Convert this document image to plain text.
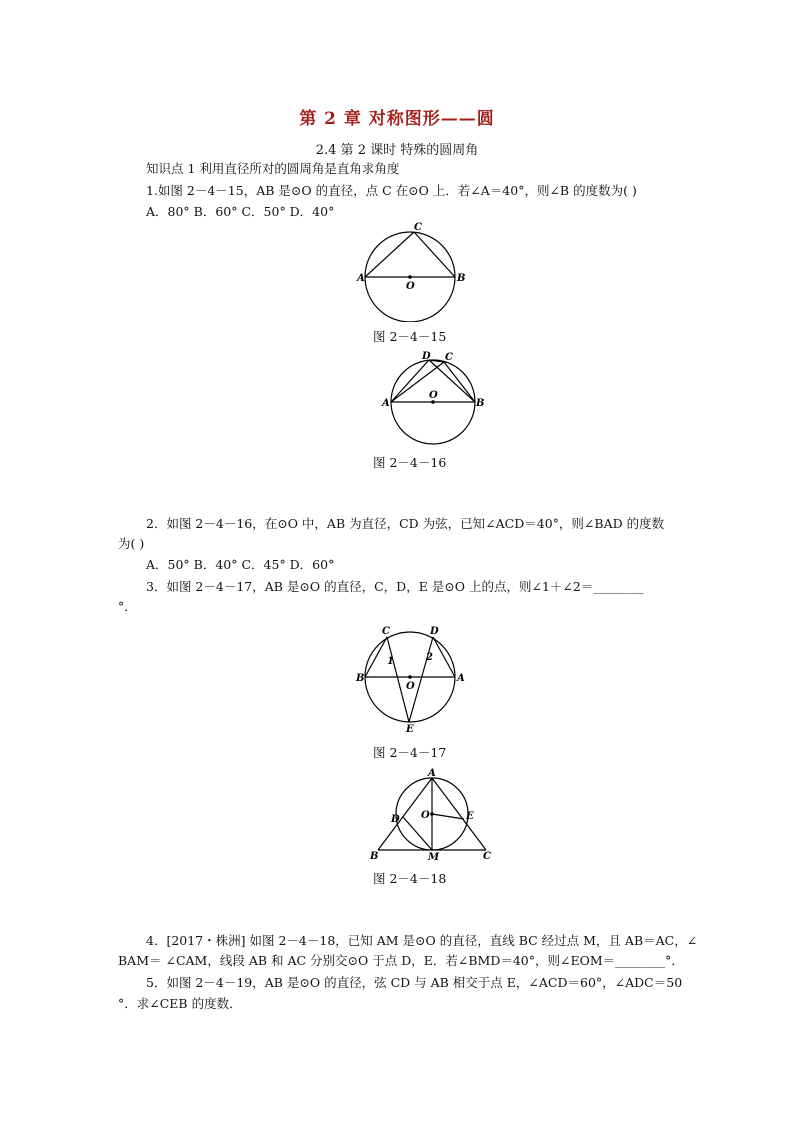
第 2 章 对称图形——圆
2.4 第 2 课时 特殊的圆周角
知识点 1 利用直径所对的圆周角是直角求角度
1.如图 2－4－15，AB 是⊙O 的直径，点 C 在⊙O 上．若∠A＝40°，则∠B 的度数为( )
A．80° B．60° C．50° D．40°
A	B
C
O
图 2－4－15
A	B
D C
O
图 2－4－16
2．如图 2－4－16，在⊙O 中，AB 为直径，CD 为弦，已知∠ACD＝40°，则∠BAD 的度数
为( )
A．50° B．40° C．45° D．60°
3．如图 2－4－17，AB 是⊙O 的直径，C，D，E 是⊙O 上的点，则∠1＋∠2＝________
°．
B	A
C	D
E
O
1	2
图 2－4－17
A
B	C
M
D	E
O
图 2－4－18
4．[2017・株洲] 如图 2－4－18，已知 AM 是⊙O 的直径，直线 BC 经过点 M，且 AB＝AC，∠
BAM＝ ∠CAM，线段 AB 和 AC 分别交⊙O 于点 D，E．若∠BMD＝40°，则∠EOM＝________°．
5．如图 2－4－19，AB 是⊙O 的直径，弦 CD 与 AB 相交于点 E，∠ACD＝60°，∠ADC＝50
°．求∠CEB 的度数．
